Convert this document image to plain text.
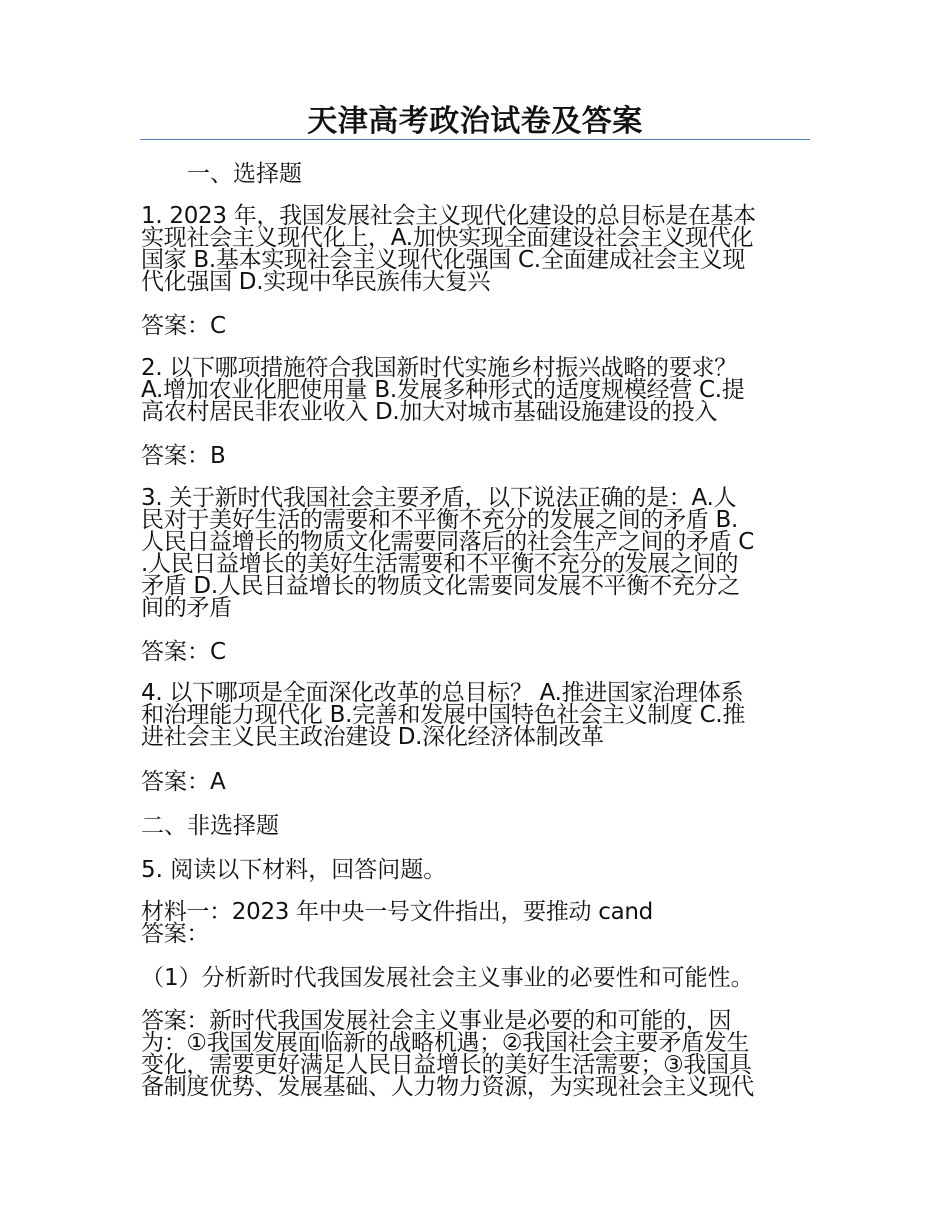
天津高考政治试卷及答案
一、选择题
1. 2023 年，我国发展社会主义现代化建设的总目标是在基本
实现社会主义现代化上，A.加快实现全面建设社会主义现代化
国家 B.基本实现社会主义现代化强国 C.全面建成社会主义现
代化强国 D.实现中华民族伟大复兴
答案：C
2. 以下哪项措施符合我国新时代实施乡村振兴战略的要求？
A.增加农业化肥使用量 B.发展多种形式的适度规模经营 C.提
高农村居民非农业收入 D.加大对城市基础设施建设的投入
答案：B
3. 关于新时代我国社会主要矛盾，以下说法正确的是：A.人
民对于美好生活的需要和不平衡不充分的发展之间的矛盾 B.
人民日益增长的物质文化需要同落后的社会生产之间的矛盾 C
.人民日益增长的美好生活需要和不平衡不充分的发展之间的
矛盾 D.人民日益增长的物质文化需要同发展不平衡不充分之
间的矛盾
答案：C
4. 以下哪项是全面深化改革的总目标？ A.推进国家治理体系
和治理能力现代化 B.完善和发展中国特色社会主义制度 C.推
进社会主义民主政治建设 D.深化经济体制改革
答案：A
二、非选择题
5. 阅读以下材料，回答问题。
材料一：2023 年中央一号文件指出，要推动 cand
答案：
（1）分析新时代我国发展社会主义事业的必要性和可能性。
答案：新时代我国发展社会主义事业是必要的和可能的，因
为：①我国发展面临新的战略机遇；②我国社会主要矛盾发生
变化，需要更好满足人民日益增长的美好生活需要；③我国具
备制度优势、发展基础、人力物力资源，为实现社会主义现代
